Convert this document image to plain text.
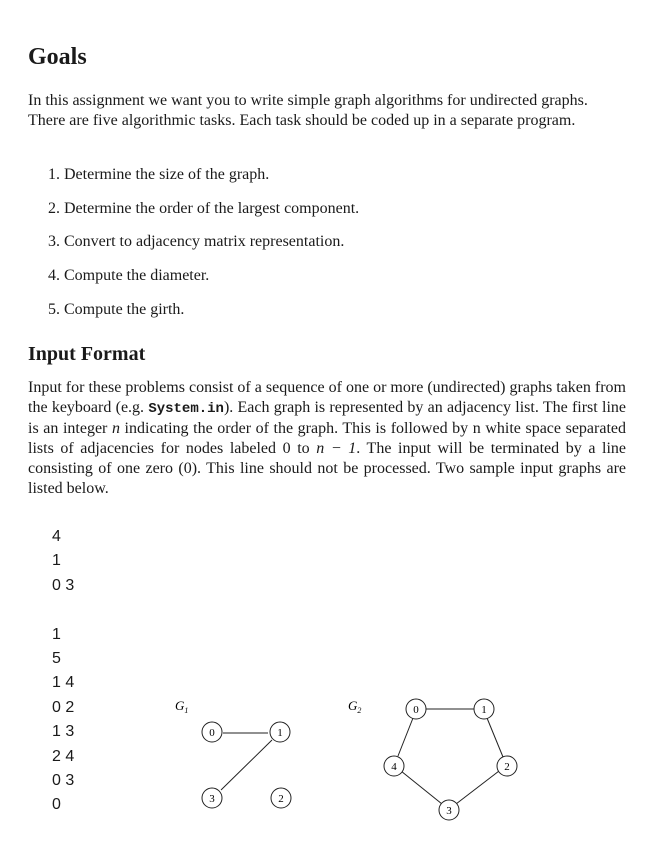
Goals

In this assignment we want you to write simple graph algorithms for undirected graphs. There are five algorithmic tasks. Each task should be coded up in a separate program.

1. Determine the size of the graph.
2. Determine the order of the largest component.
3. Convert to adjacency matrix representation.
4. Compute the diameter.
5. Compute the girth.
Input Format

Input for these problems consist of a sequence of one or more (undirected) graphs taken from the keyboard (e.g. System.in). Each graph is represented by an adjacency list. The first line is an integer n indicating the order of the graph. This is followed by n white space separated lists of adjacencies for nodes labeled 0 to n − 1. The input will be terminated by a line consisting of one zero (0). This line should not be processed. Two sample input graphs are listed below.

4
1
0 3
1
5
1 4
0 2
1 3
2 4
0 3
0
$G_1$
0	1
3	2
$G_2$	0	1
2
3
4
